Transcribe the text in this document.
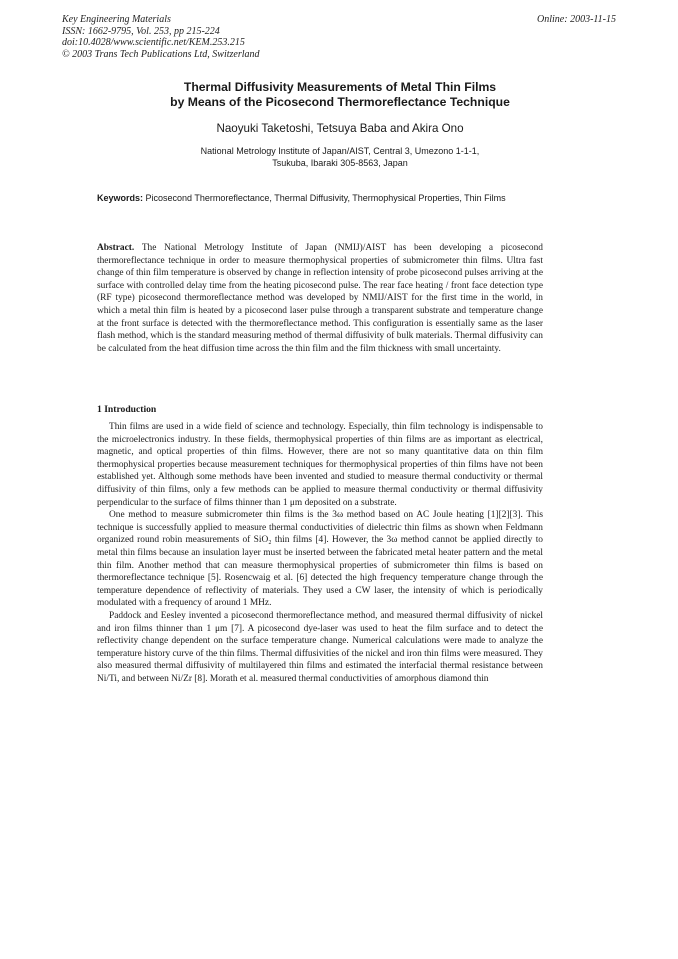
Key Engineering Materials
ISSN: 1662-9795, Vol. 253, pp 215-224
doi:10.4028/www.scientific.net/KEM.253.215
© 2003 Trans Tech Publications Ltd, Switzerland
Online: 2003-11-15
Thermal Diffusivity Measurements of Metal Thin Films
by Means of the Picosecond Thermoreflectance Technique
Naoyuki Taketoshi, Tetsuya Baba and Akira Ono
National Metrology Institute of Japan/AIST, Central 3, Umezono 1-1-1,
Tsukuba, Ibaraki 305-8563, Japan
Keywords: Picosecond Thermoreflectance, Thermal Diffusivity, Thermophysical Properties, Thin Films
Abstract. The National Metrology Institute of Japan (NMIJ)/AIST has been developing a picosecond thermoreflectance technique in order to measure thermophysical properties of submicrometer thin films. Ultra fast change of thin film temperature is observed by change in reflection intensity of probe picosecond pulses arriving at the surface with controlled delay time from the heating picosecond pulse. The rear face heating / front face detection type (RF type) picosecond thermoreflectance method was developed by NMIJ/AIST for the first time in the world, in which a metal thin film is heated by a picosecond laser pulse through a transparent substrate and temperature change at the front surface is detected with the thermoreflectance method. This configuration is essentially same as the laser flash method, which is the standard measuring method of thermal diffusivity of bulk materials. Thermal diffusivity can be calculated from the heat diffusion time across the thin film and the film thickness with small uncertainty.
1 Introduction

Thin films are used in a wide field of science and technology. Especially, thin film technology is indispensable to the microelectronics industry. In these fields, thermophysical properties of thin films are as important as electrical, magnetic, and optical properties of thin films. However, there are not so many quantitative data on thin film thermophysical properties because measurement techniques for thermophysical properties of thin films have not been established yet. Although some methods have been invented and studied to measure thermal conductivity or thermal diffusivity of thin films, only a few methods can be applied to measure thermal conductivity or thermal diffusivity perpendicular to the surface of films thinner than 1 μm deposited on a substrate.

One method to measure submicrometer thin films is the 3ω method based on AC Joule heating [1][2][3]. This technique is successfully applied to measure thermal conductivities of dielectric thin films as shown when Feldmann organized round robin measurements of SiO₂ thin films [4]. However, the 3ω method cannot be applied directly to metal thin films because an insulation layer must be inserted between the fabricated metal heater pattern and the metal thin film. Another method that can measure thermophysical properties of submicrometer thin films is based on thermoreflectance technique [5]. Rosencwaig et al. [6] detected the high frequency temperature change through the temperature dependence of reflectivity of materials. They used a CW laser, the intensity of which is periodically modulated with a frequency of around 1 MHz.

Paddock and Eesley invented a picosecond thermoreflectance method, and measured thermal diffusivity of nickel and iron films thinner than 1 μm [7]. A picosecond dye-laser was used to heat the film surface and to detect the reflectivity change dependent on the surface temperature change. Numerical calculations were made to analyze the temperature history curve of the thin films. Thermal diffusivities of the nickel and iron thin films were measured. They also measured thermal diffusivity of multilayered thin films and estimated the interfacial thermal resistance between Ni/Ti, and between Ni/Zr [8]. Morath et al. measured thermal conductivities of amorphous diamond thin
